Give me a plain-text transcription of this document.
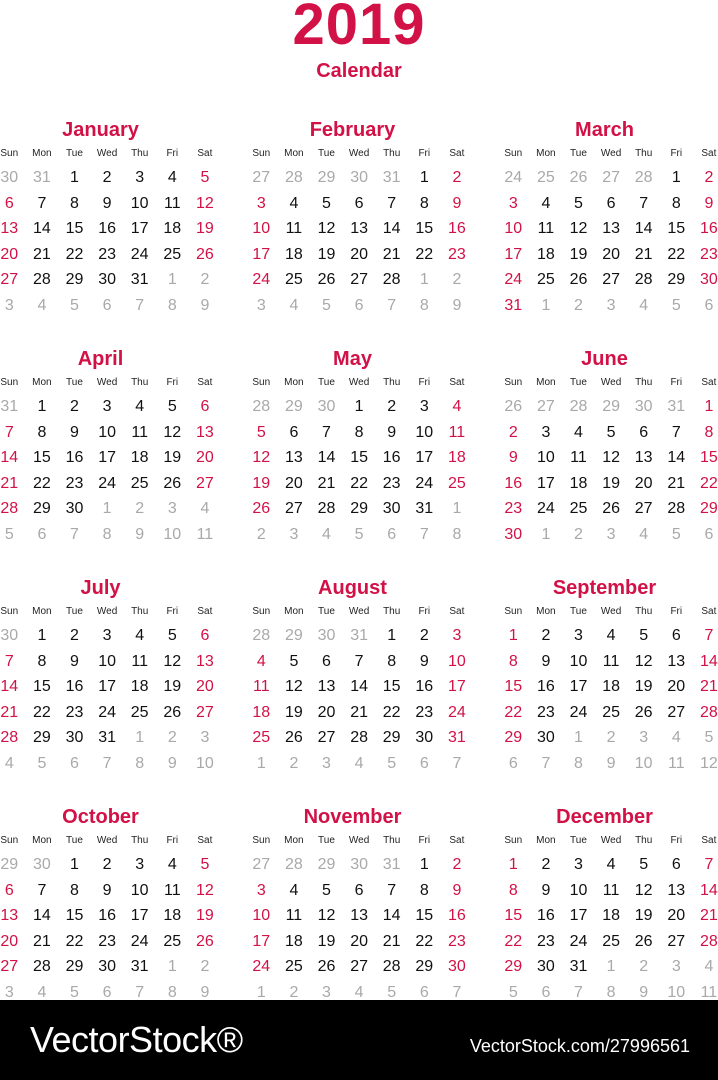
2019
Calendar
January
Sun	Mon	Tue	Wed	Thu	Fri	Sat
30 31	1	2	3	4	5
6	7	8	9	10 11 12
13 14 15 16 17 18 19
20 21 22 23 24 25 26
27 28 29 30 31	1	2
3	4	5	6	7	8	9
February
Sun	Mon	Tue	Wed	Thu	Fri	Sat
27 28 29 30 31	1	2
3	4	5	6	7	8	9
10 11 12 13 14 15 16
17 18 19 20 21 22 23
24 25 26 27 28	1	2
3	4	5	6	7	8	9
March
Sun	Mon	Tue	Wed	Thu	Fri	Sat
24 25 26 27 28	1	2
3	4	5	6	7	8	9
10 11 12 13 14 15 16
17 18 19 20 21 22 23
24 25 26 27 28 29 30
31	1	2	3	4	5	6
April
Sun	Mon	Tue	Wed	Thu	Fri	Sat
31	1	2	3	4	5	6
7	8	9	10 11 12 13
14 15 16 17 18 19 20
21 22 23 24 25 26 27
28 29 30	1	2	3	4
5	6	7	8	9	10 11
May
Sun	Mon	Tue	Wed	Thu	Fri	Sat
28 29 30	1	2	3	4
5	6	7	8	9	10 11
12 13 14 15 16 17 18
19 20 21 22 23 24 25
26 27 28 29 30 31	1
2	3	4	5	6	7	8
June
Sun	Mon	Tue	Wed	Thu	Fri	Sat
26 27 28 29 30 31	1
2	3	4	5	6	7	8
9	10 11 12 13 14 15
16 17 18 19 20 21 22
23 24 25 26 27 28 29
30	1	2	3	4	5	6
July
Sun	Mon	Tue	Wed	Thu	Fri	Sat
30	1	2	3	4	5	6
7	8	9	10 11 12 13
14 15 16 17 18 19 20
21 22 23 24 25 26 27
28 29 30 31	1	2	3
4	5	6	7	8	9	10
August
Sun	Mon	Tue	Wed	Thu	Fri	Sat
28 29 30 31	1	2	3
4	5	6	7	8	9	10
11 12 13 14 15 16 17
18 19 20 21 22 23 24
25 26 27 28 29 30 31
1	2	3	4	5	6	7
September
Sun	Mon	Tue	Wed	Thu	Fri	Sat
1	2	3	4	5	6	7
8	9	10 11 12 13 14
15 16 17 18 19 20 21
22 23 24 25 26 27 28
29 30	1	2	3	4	5
6	7	8	9	10 11 12
October
Sun	Mon	Tue	Wed	Thu	Fri	Sat
29 30	1	2	3	4	5
6	7	8	9	10 11 12
13 14 15 16 17 18 19
20 21 22 23 24 25 26
27 28 29 30 31	1	2
3	4	5	6	7	8	9
November
Sun	Mon	Tue	Wed	Thu	Fri	Sat
27 28 29 30 31	1	2
3	4	5	6	7	8	9
10 11 12 13 14 15 16
17 18 19 20 21 22 23
24 25 26 27 28 29 30
1	2	3	4	5	6	7
December
Sun	Mon	Tue	Wed	Thu	Fri	Sat
1	2	3	4	5	6	7
8	9	10 11 12 13 14
15 16 17 18 19 20 21
22 23 24 25 26 27 28
29 30 31	1	2	3	4
5	6	7	8	9	10 11
VectorStock®	VectorStock.com/27996561
